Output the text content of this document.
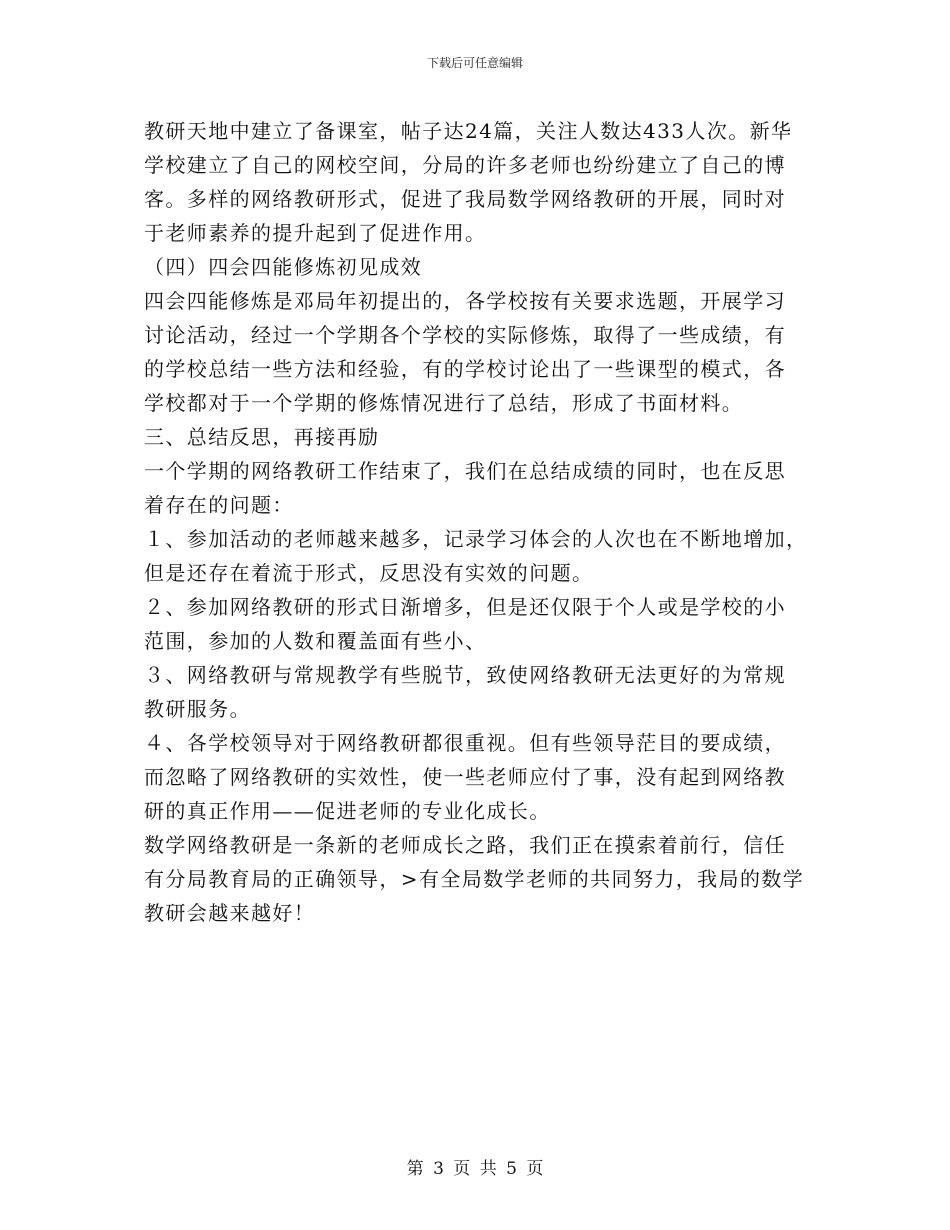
下载后可任意编辑
教研天地中建立了备课室，帖子达24篇，关注人数达433人次。新华
学校建立了自己的网校空间，分局的许多老师也纷纷建立了自己的博
客。多样的网络教研形式，促进了我局数学网络教研的开展，同时对
于老师素养的提升起到了促进作用。
（四）四会四能修炼初见成效
四会四能修炼是邓局年初提出的，各学校按有关要求选题，开展学习
讨论活动，经过一个学期各个学校的实际修炼，取得了一些成绩，有
的学校总结一些方法和经验，有的学校讨论出了一些课型的模式，各
学校都对于一个学期的修炼情况进行了总结，形成了书面材料。
三、总结反思，再接再励
一个学期的网络教研工作结束了，我们在总结成绩的同时，也在反思
着存在的问题：
１、参加活动的老师越来越多，记录学习体会的人次也在不断地增加，
但是还存在着流于形式，反思没有实效的问题。
２、参加网络教研的形式日渐增多，但是还仅限于个人或是学校的小
范围，参加的人数和覆盖面有些小、
３、网络教研与常规教学有些脱节，致使网络教研无法更好的为常规
教研服务。
４、各学校领导对于网络教研都很重视。但有些领导茫目的要成绩，
而忽略了网络教研的实效性，使一些老师应付了事，没有起到网络教
研的真正作用——促进老师的专业化成长。
数学网络教研是一条新的老师成长之路，我们正在摸索着前行，信任
有分局教育局的正确领导，>有全局数学老师的共同努力，我局的数学
教研会越来越好！
第 3 页 共 5 页
